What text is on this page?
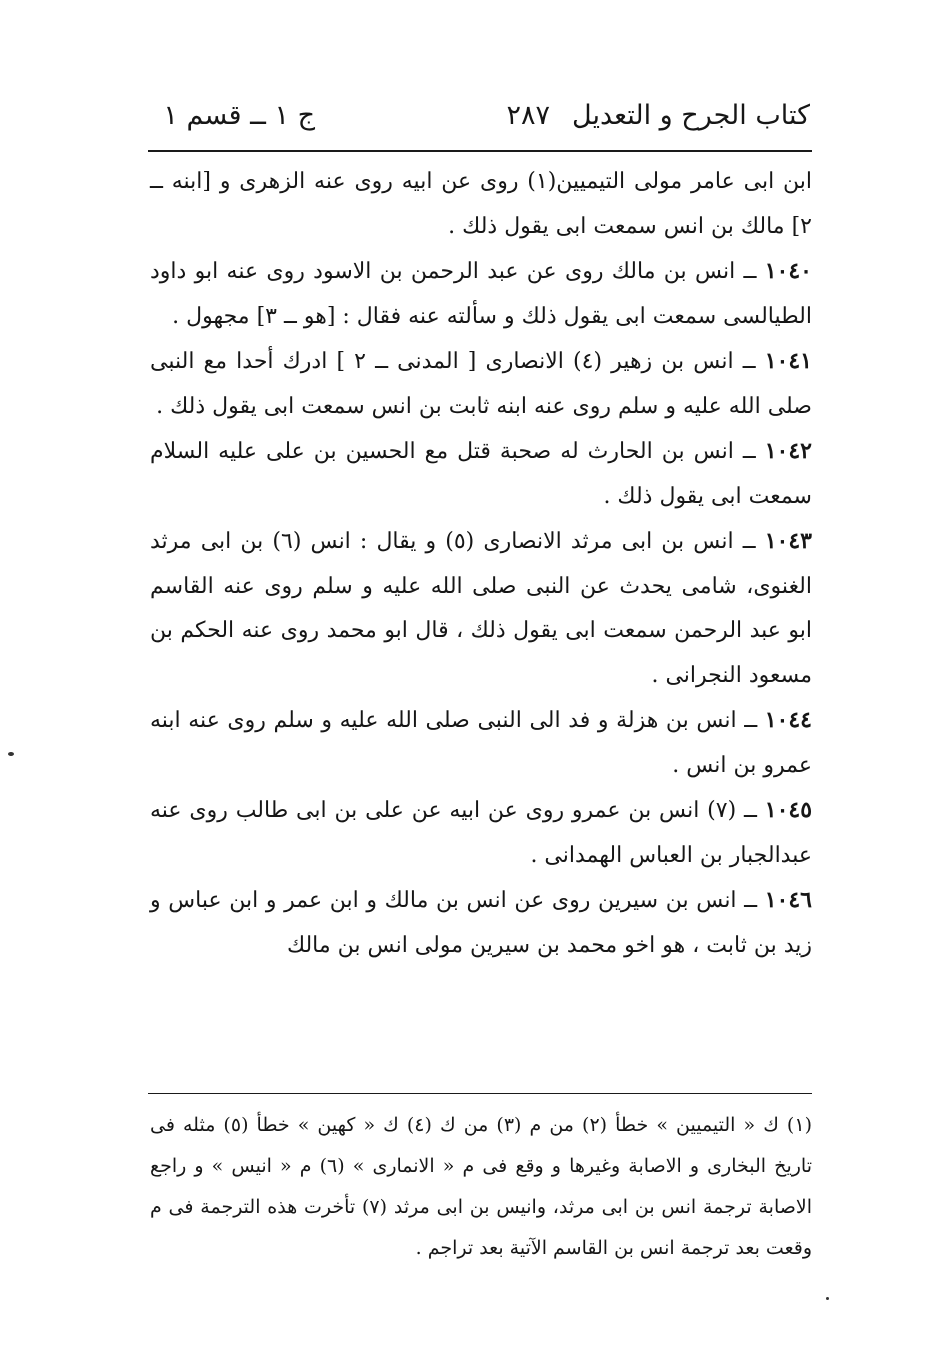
كتاب الجرح و التعديل
٢٨٧
ج ١ ــ قسم ١

ابن ابى عامر مولى التيميين(١) روى عن ابيه روى عنه الزهرى و [ابنه ــ ٢] مالك بن انس سمعت ابى يقول ذلك .

١٠٤٠ ــ انس بن مالك روى عن عبد الرحمن بن الاسود روى عنه ابو داود الطيالسى سمعت ابى يقول ذلك و سألته عنه فقال : [هو ــ ٣] مجهول .

١٠٤١ ــ انس بن زهير (٤) الانصارى [ المدنى ــ ٢ ] ادرك أحدا مع النبى صلى الله عليه و سلم روى عنه ابنه ثابت بن انس سمعت ابى يقول ذلك .

١٠٤٢ ــ انس بن الحارث له صحبة قتل مع الحسين بن على عليه السلام سمعت ابى يقول ذلك .

١٠٤٣ ــ انس بن ابى مرثد الانصارى (٥) و يقال : انس (٦) بن ابى مرثد الغنوى، شامى يحدث عن النبى صلى الله عليه و سلم روى عنه القاسم ابو عبد الرحمن سمعت ابى يقول ذلك ، قال ابو محمد روى عنه الحكم بن مسعود النجرانى .

١٠٤٤ ــ انس بن هزلة و فد الى النبى صلى الله عليه و سلم روى عنه ابنه عمرو بن انس .

١٠٤٥ ــ (٧) انس بن عمرو روى عن ابيه عن على بن ابى طالب روى عنه عبدالجبار بن العباس الهمدانى .

١٠٤٦ ــ انس بن سيرين روى عن انس بن مالك و ابن عمر و ابن عباس و زيد بن ثابت ، هو اخو محمد بن سيرين مولى انس بن مالك

(١) ك « التيميين » خطأ (٢) من م (٣) من ك (٤) ك « كهين » خطأ (٥) مثله فى تاريخ البخارى و الاصابة وغيرها و وقع فى م « الانمارى » (٦) م « انيس » و راجع الاصابة ترجمة انس بن ابى مرثد، وانيس بن ابى مرثد (٧) تأخرت هذه الترجمة فى م وقعت بعد ترجمة انس بن القاسم الآتية بعد تراجم .
